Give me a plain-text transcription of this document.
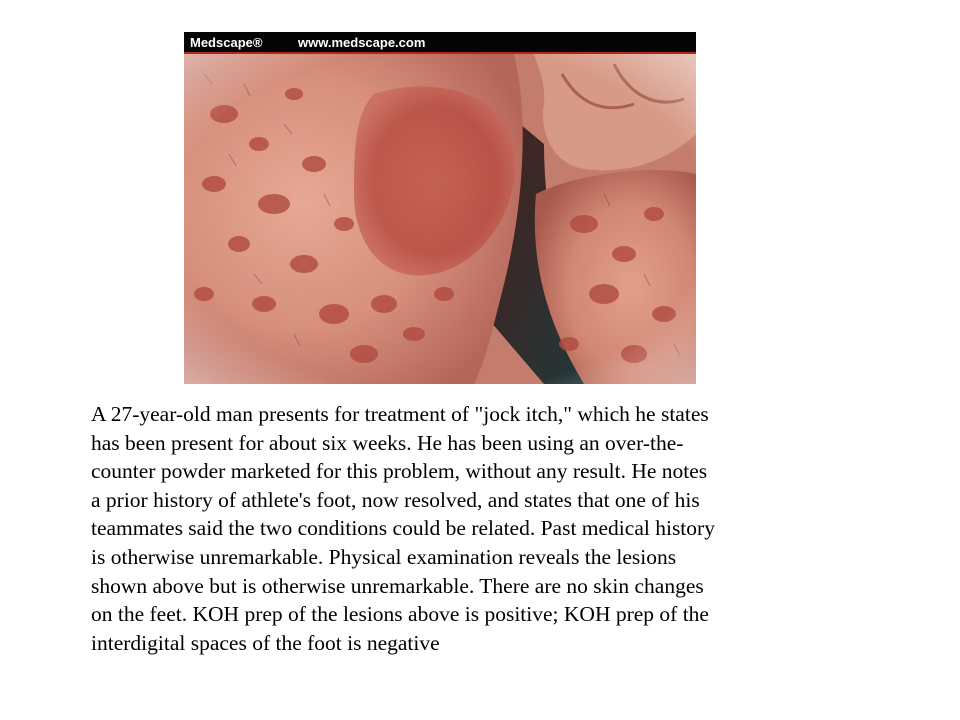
Medscape®	www.medscape.com

A 27-year-old man presents for treatment of "jock itch," which he states
has been present for about six weeks. He has been using an over-the-
counter powder marketed for this problem, without any result. He notes
a prior history of athlete's foot, now resolved, and states that one of his
teammates said the two conditions could be related. Past medical history
is otherwise unremarkable. Physical examination reveals the lesions
shown above but is otherwise unremarkable. There are no skin changes
on the feet. KOH prep of the lesions above is positive; KOH prep of the
interdigital spaces of the foot is negative
